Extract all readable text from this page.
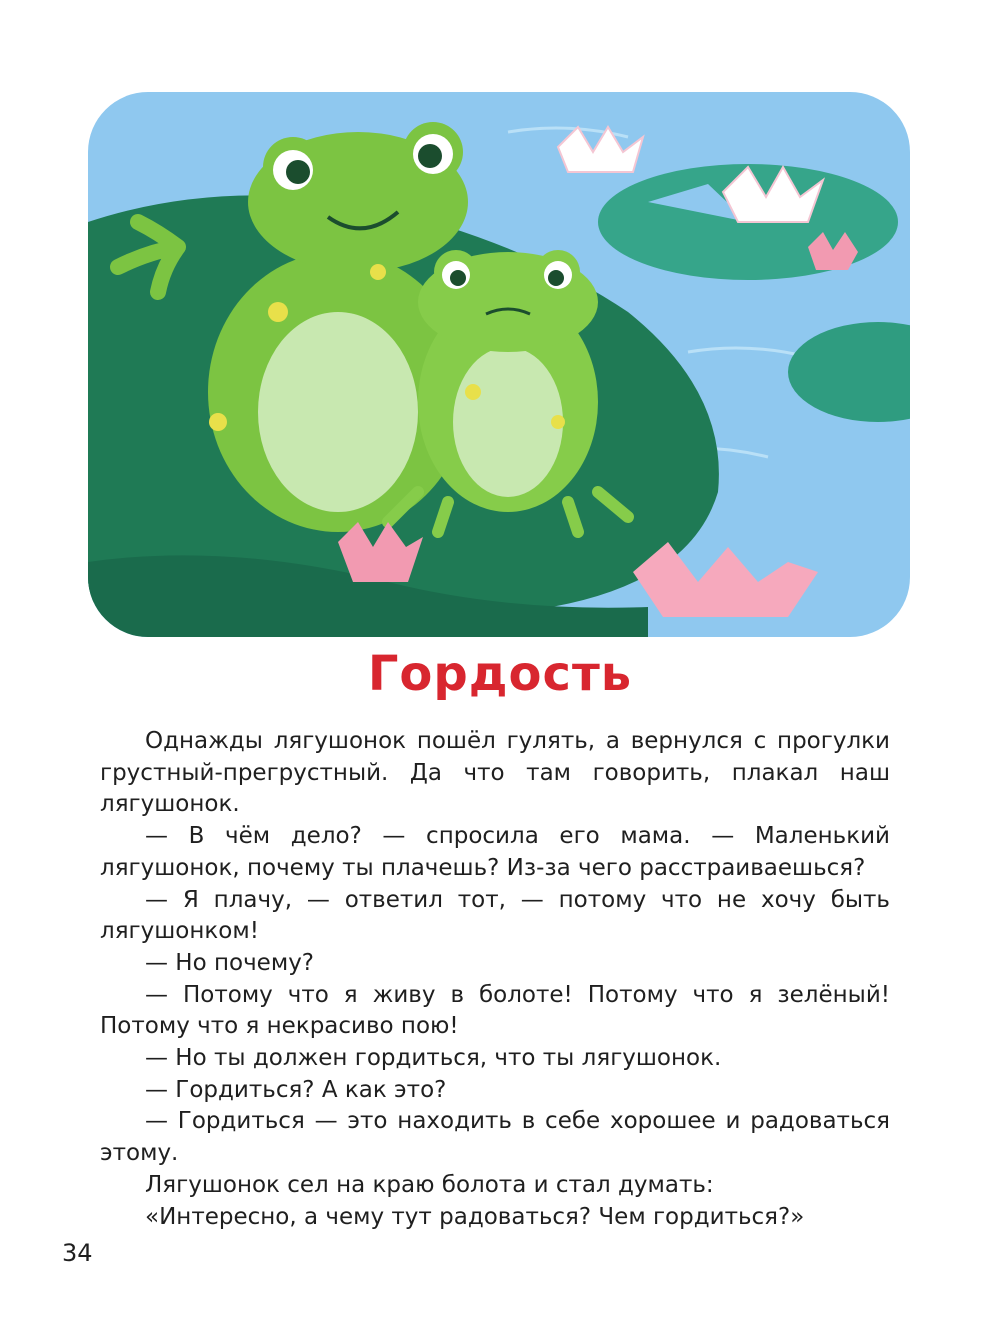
Гордость

Однажды лягушонок пошёл гулять, а вернулся с прогулки грустный-прегрустный. Да что там говорить, плакал наш лягушонок.

— В чём дело? — спросила его мама. — Маленький лягушонок, почему ты плачешь? Из-за чего расстраиваешься?

— Я плачу, — ответил тот, — потому что не хочу быть лягушонком!

— Но почему?

— Потому что я живу в болоте! Потому что я зелёный! Потому что я некрасиво пою!

— Но ты должен гордиться, что ты лягушонок.

— Гордиться? А как это?

— Гордиться — это находить в себе хорошее и радоваться этому.

Лягушонок сел на краю болота и стал думать:

«Интересно, а чему тут радоваться? Чем гордиться?»

34
